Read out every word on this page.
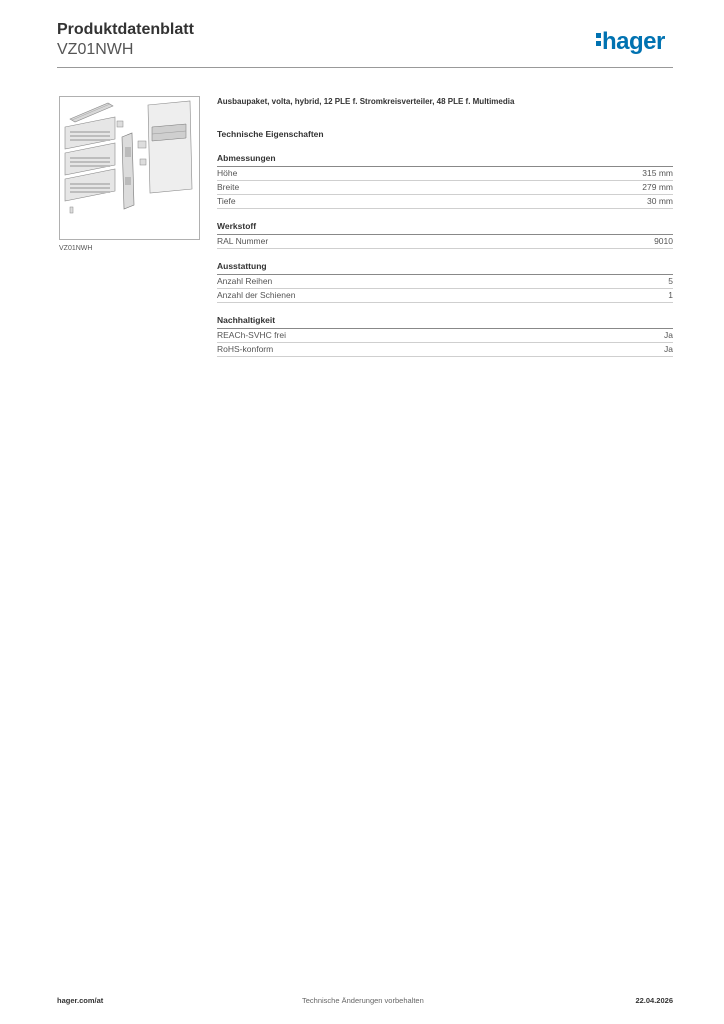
Produktdatenblatt
VZ01NWH	hager
VZ01NWH
Ausbaupaket, volta, hybrid, 12 PLE f. Stromkreisverteiler, 48 PLE f. Multimedia
Technische Eigenschaften
Abmessungen
Höhe	315 mm
Breite	279 mm
Tiefe	30 mm
Werkstoff
RAL Nummer	9010
Ausstattung
Anzahl Reihen	5
Anzahl der Schienen	1
Nachhaltigkeit
REACh-SVHC frei	Ja
RoHS-konform	Ja
hager.com/at	Technische Änderungen vorbehalten	22.04.2026
